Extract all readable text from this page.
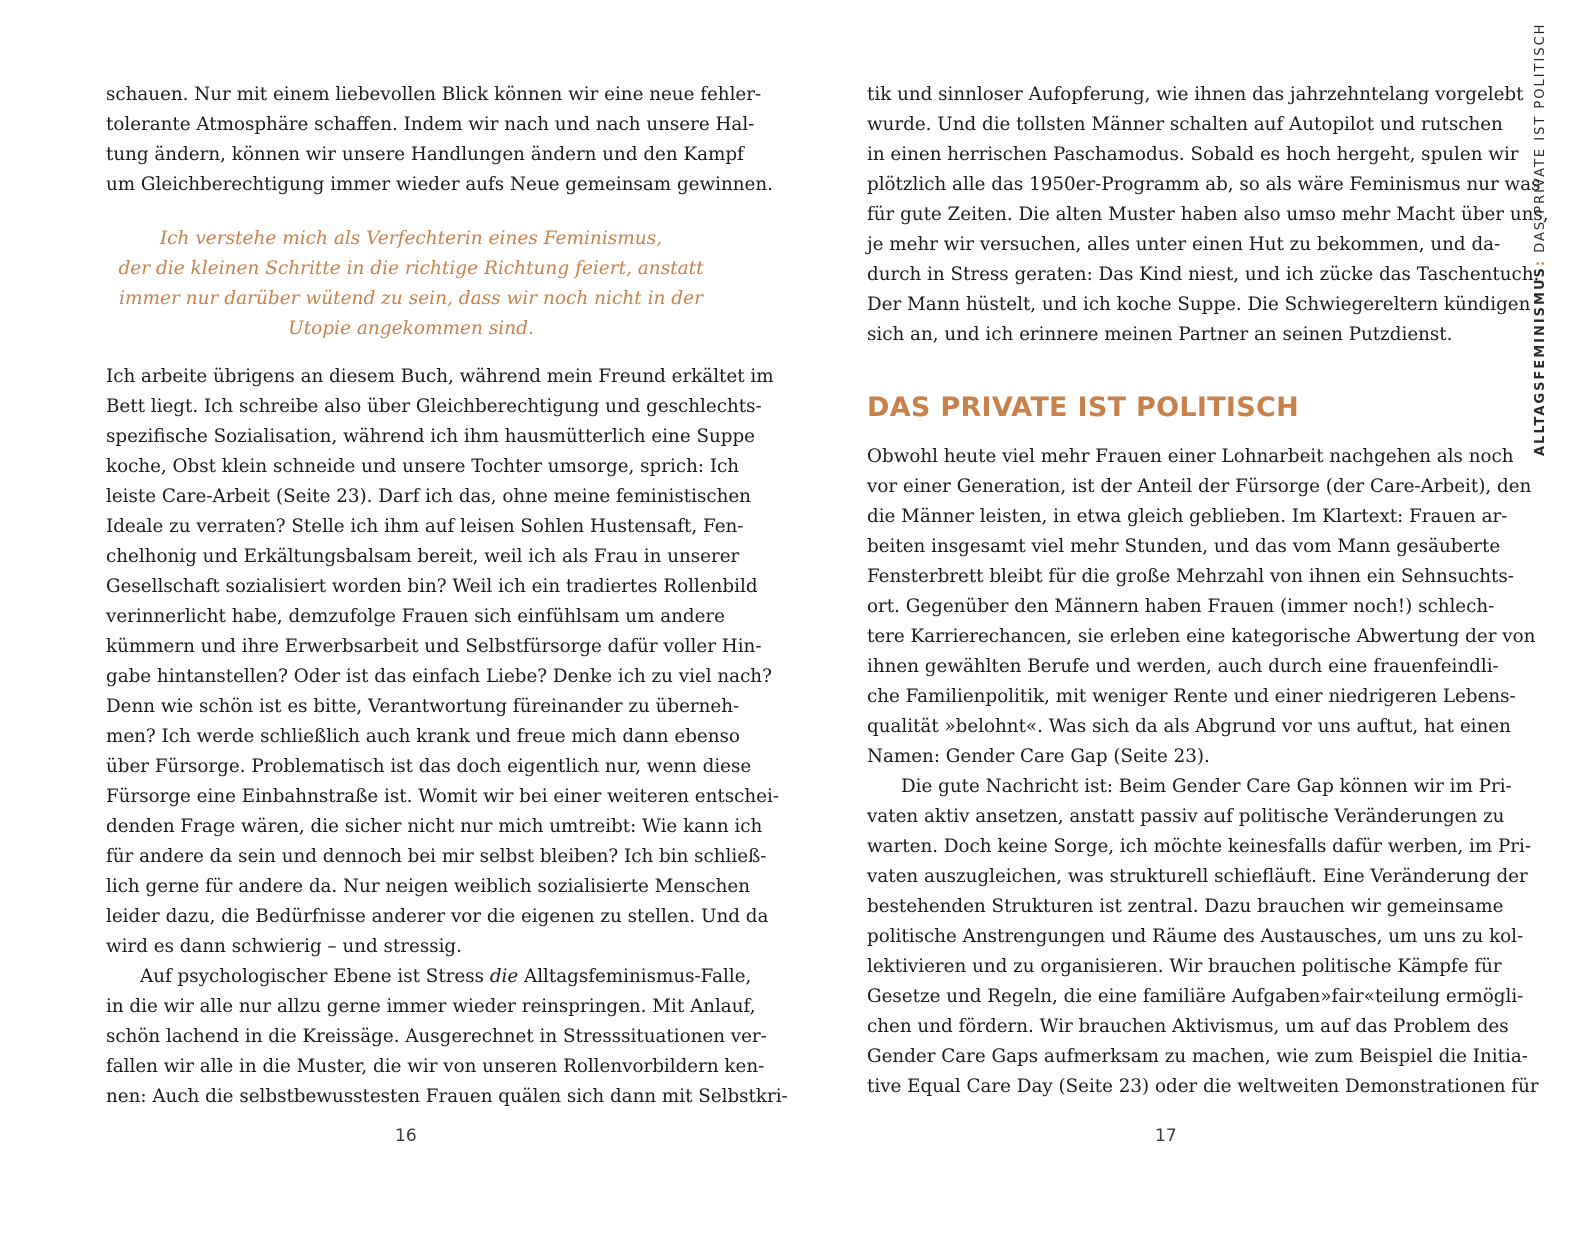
ALLTAGSFEMINISMUS: DAS PRIVATE IST POLITISCH
schauen. Nur mit einem liebevollen Blick können wir eine neue fehler-
tolerante Atmosphäre schaffen. Indem wir nach und nach unsere Hal-
tung ändern, können wir unsere Handlungen ändern und den Kampf
um Gleichberechtigung immer wieder aufs Neue gemeinsam gewinnen.
Ich verstehe mich als Verfechterin eines Feminismus,
der die kleinen Schritte in die richtige Richtung feiert, anstatt
immer nur darüber wütend zu sein, dass wir noch nicht in der
Utopie angekommen sind.
Ich arbeite übrigens an diesem Buch, während mein Freund erkältet im
Bett liegt. Ich schreibe also über Gleichberechtigung und geschlechts-
spezifische Sozialisation, während ich ihm hausmütterlich eine Suppe
koche, Obst klein schneide und unsere Tochter umsorge, sprich: Ich
leiste Care-Arbeit (Seite 23). Darf ich das, ohne meine feministischen
Ideale zu verraten? Stelle ich ihm auf leisen Sohlen Hustensaft, Fen-
chelhonig und Erkältungsbalsam bereit, weil ich als Frau in unserer
Gesellschaft sozialisiert worden bin? Weil ich ein tradiertes Rollenbild
verinnerlicht habe, demzufolge Frauen sich einfühlsam um andere
kümmern und ihre Erwerbsarbeit und Selbstfürsorge dafür voller Hin-
gabe hintanstellen? Oder ist das einfach Liebe? Denke ich zu viel nach?
Denn wie schön ist es bitte, Verantwortung füreinander zu überneh-
men? Ich werde schließlich auch krank und freue mich dann ebenso
über Fürsorge. Problematisch ist das doch eigentlich nur, wenn diese
Fürsorge eine Einbahnstraße ist. Womit wir bei einer weiteren entschei-
denden Frage wären, die sicher nicht nur mich umtreibt: Wie kann ich
für andere da sein und dennoch bei mir selbst bleiben? Ich bin schließ-
lich gerne für andere da. Nur neigen weiblich sozialisierte Menschen
leider dazu, die Bedürfnisse anderer vor die eigenen zu stellen. Und da
wird es dann schwierig – und stressig.
Auf psychologischer Ebene ist Stress die Alltagsfeminismus-Falle,
in die wir alle nur allzu gerne immer wieder reinspringen. Mit Anlauf,
schön lachend in die Kreissäge. Ausgerechnet in Stresssituationen ver-
fallen wir alle in die Muster, die wir von unseren Rollenvorbildern ken-
nen: Auch die selbstbewusstesten Frauen quälen sich dann mit Selbstkri-
16
tik und sinnloser Aufopferung, wie ihnen das jahrzehntelang vorgelebt
wurde. Und die tollsten Männer schalten auf Autopilot und rutschen
in einen herrischen Paschamodus. Sobald es hoch hergeht, spulen wir
plötzlich alle das 1950er-Programm ab, so als wäre Feminismus nur was
für gute Zeiten. Die alten Muster haben also umso mehr Macht über uns,
je mehr wir versuchen, alles unter einen Hut zu bekommen, und da-
durch in Stress geraten: Das Kind niest, und ich zücke das Taschentuch.
Der Mann hüstelt, und ich koche Suppe. Die Schwiegereltern kündigen
sich an, und ich erinnere meinen Partner an seinen Putzdienst.
DAS PRIVATE IST POLITISCH
Obwohl heute viel mehr Frauen einer Lohnarbeit nachgehen als noch
vor einer Generation, ist der Anteil der Fürsorge (der Care-Arbeit), den
die Männer leisten, in etwa gleich geblieben. Im Klartext: Frauen ar-
beiten insgesamt viel mehr Stunden, und das vom Mann gesäuberte
Fensterbrett bleibt für die große Mehrzahl von ihnen ein Sehnsuchts-
ort. Gegenüber den Männern haben Frauen (immer noch!) schlech-
tere Karrierechancen, sie erleben eine kategorische Abwertung der von
ihnen gewählten Berufe und werden, auch durch eine frauenfeindli-
che Familienpolitik, mit weniger Rente und einer niedrigeren Lebens-
qualität »belohnt«. Was sich da als Abgrund vor uns auftut, hat einen
Namen: Gender Care Gap (Seite 23).
Die gute Nachricht ist: Beim Gender Care Gap können wir im Pri-
vaten aktiv ansetzen, anstatt passiv auf politische Veränderungen zu
warten. Doch keine Sorge, ich möchte keinesfalls dafür werben, im Pri-
vaten auszugleichen, was strukturell schiefläuft. Eine Veränderung der
bestehenden Strukturen ist zentral. Dazu brauchen wir gemeinsame
politische Anstrengungen und Räume des Austausches, um uns zu kol-
lektivieren und zu organisieren. Wir brauchen politische Kämpfe für
Gesetze und Regeln, die eine familiäre Aufgaben»fair«teilung ermögli-
chen und fördern. Wir brauchen Aktivismus, um auf das Problem des
Gender Care Gaps aufmerksam zu machen, wie zum Beispiel die Initia-
tive Equal Care Day (Seite 23) oder die weltweiten Demonstrationen für
17
